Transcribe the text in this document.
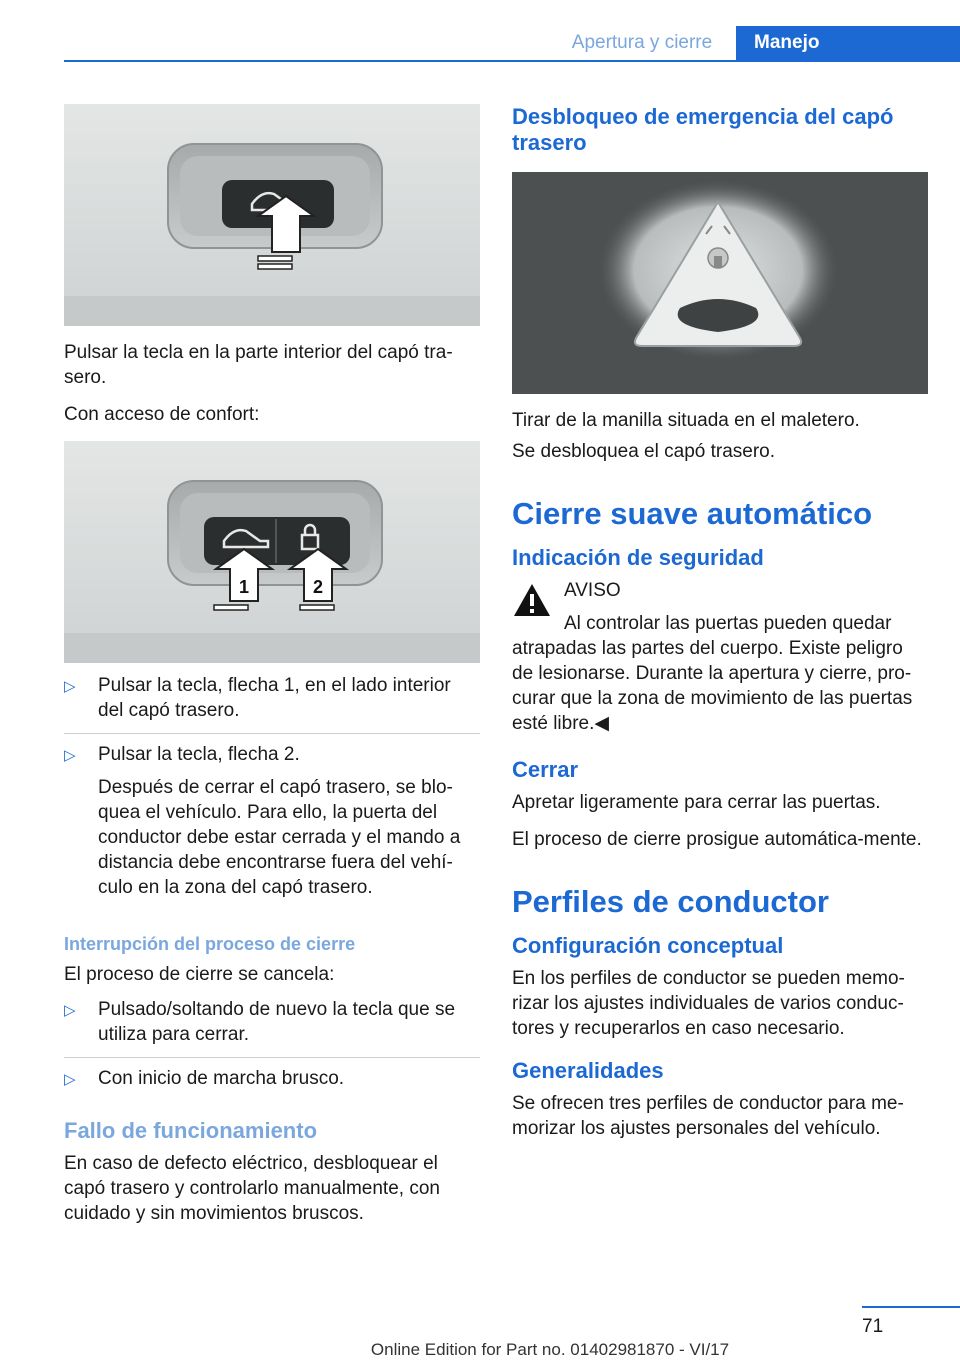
Apertura y cierre	Manejo

Pulsar la tecla en la parte interior del capó tra-sero.

Con acceso de confort:

1	2
▷ Pulsar la tecla, flecha 1, en el lado interior del capó trasero.
▷ Pulsar la tecla, flecha 2.
Después de cerrar el capó trasero, se blo-quea el vehículo. Para ello, la puerta del conductor debe estar cerrada y el mando a distancia debe encontrarse fuera del vehí-culo en la zona del capó trasero.
Interrupción del proceso de cierre

El proceso de cierre se cancela:

▷ Pulsado/soltando de nuevo la tecla que se utiliza para cerrar.
▷ Con inicio de marcha brusco.
Fallo de funcionamiento

En caso de defecto eléctrico, desbloquear el capó trasero y controlarlo manualmente, con cuidado y sin movimientos bruscos.

Desbloqueo de emergencia del capó trasero

Tirar de la manilla situada en el maletero.

Se desbloquea el capó trasero.

Cierre suave automático
Indicación de seguridad
AVISO
Al controlar las puertas pueden quedar atrapadas las partes del cuerpo. Existe peligro de lesionarse. Durante la apertura y cierre, pro-curar que la zona de movimiento de las puertas esté libre.◀
Cerrar

Apretar ligeramente para cerrar las puertas.

El proceso de cierre prosigue automática-mente.

Perfiles de conductor
Configuración conceptual

En los perfiles de conductor se pueden memo-rizar los ajustes individuales de varios conduc-tores y recuperarlos en caso necesario.

Generalidades

Se ofrecen tres perfiles de conductor para me-morizar los ajustes personales del vehículo.

71
Online Edition for Part no. 01402981870 - VI/17
